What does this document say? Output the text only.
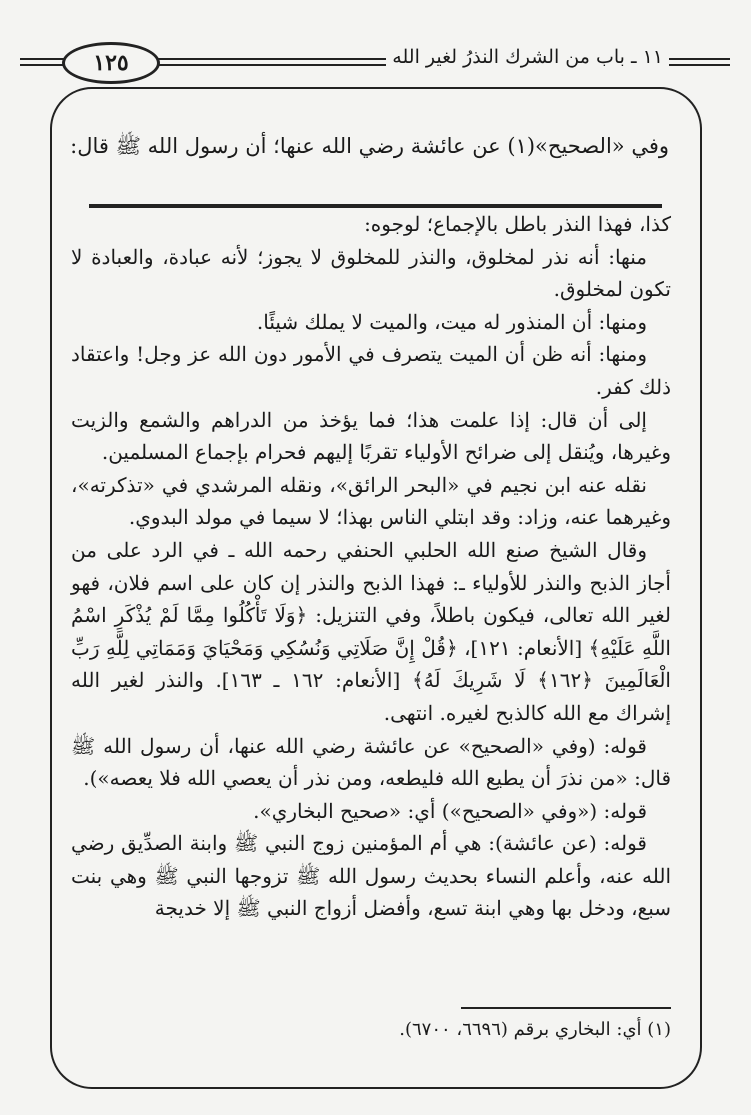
١٢٥	١١ ـ باب من الشرك النذرُ لغير الله
وفي «الصحيح»(١) عن عائشة رضي الله عنها؛ أن رسول الله ﷺ قال:

كذا، فهذا النذر باطل بالإجماع؛ لوجوه:

منها: أنه نذر لمخلوق، والنذر للمخلوق لا يجوز؛ لأنه عبادة، والعبادة لا تكون لمخلوق.

ومنها: أن المنذور له ميت، والميت لا يملك شيئًا.

ومنها: أنه ظن أن الميت يتصرف في الأمور دون الله عز وجل! واعتقاد ذلك كفر.

إلى أن قال: إذا علمت هذا؛ فما يؤخذ من الدراهم والشمع والزيت وغيرها، ويُنقل إلى ضرائح الأولياء تقربًا إليهم فحرام بإجماع المسلمين.

نقله عنه ابن نجيم في «البحر الرائق»، ونقله المرشدي في «تذكرته»، وغيرهما عنه، وزاد: وقد ابتلي الناس بهذا؛ لا سيما في مولد البدوي.

وقال الشيخ صنع الله الحلبي الحنفي رحمه الله ـ في الرد على من أجاز الذبح والنذر للأولياء ـ: فهذا الذبح والنذر إن كان على اسم فلان، فهو لغير الله تعالى، فيكون باطلاً، وفي التنزيل: ﴿وَلَا تَأْكُلُوا مِمَّا لَمْ يُذْكَرِ اسْمُ اللَّهِ عَلَيْهِ﴾ [الأنعام: ١٢١]، ﴿قُلْ إِنَّ صَلَاتِي وَنُسُكِي وَمَحْيَايَ وَمَمَاتِي لِلَّهِ رَبِّ الْعَالَمِينَ ﴿١٦٢﴾ لَا شَرِيكَ لَهُ﴾ [الأنعام: ١٦٢ ـ ١٦٣]. والنذر لغير الله إشراك مع الله كالذبح لغيره. انتهى.

قوله: (وفي «الصحيح» عن عائشة رضي الله عنها، أن رسول الله ﷺ قال: «من نذرَ أن يطيع الله فليطعه، ومن نذر أن يعصي الله فلا يعصه»).

قوله: («وفي «الصحيح») أي: «صحيح البخاري».

قوله: (عن عائشة): هي أم المؤمنين زوج النبي ﷺ وابنة الصدِّيق رضي الله عنه، وأعلم النساء بحديث رسول الله ﷺ تزوجها النبي ﷺ وهي بنت سبع، ودخل بها وهي ابنة تسع، وأفضل أزواج النبي ﷺ إلا خديجة

(١) أي: البخاري برقم (٦٦٩٦، ٦٧٠٠).
